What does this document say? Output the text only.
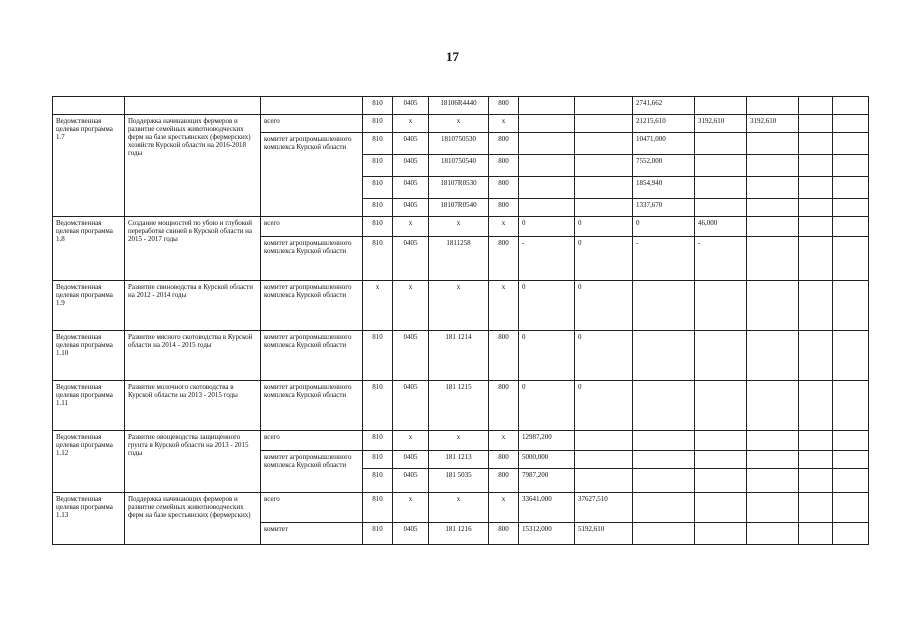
17
			810	0405	18106R4440	800			2741,662				
Ведомственная целевая программа 1.7	Поддержка начинающих фермеров и развитие семейных животноводческих ферм на базе крестьянских (фермерских) хозяйств Курской области на 2016-2018 годы	всего	810	х	х	х			21215,610	3192,610	3192,610		
		комитет агропромышленного комплекса Курской области	810	0405	1810750530	800			10471,000				
			810	0405	1810750540	800			7552,000				
			810	0405	18107R0530	800			1854,940				
			810	0405	18107R0540	800			1337,670				
Ведомственная целевая программа 1.8	Создание мощностей по убою и глубокой переработке свиней в Курской области на 2015 - 2017 годы	всего	810	х	х	х	0	0	0	46,000			
		комитет агропромышленного комплекса Курской области	810	0405	1811258	800	-	0	-	-			
Ведомственная целевая программа 1.9	Развитие свиноводства в Курской области на 2012 - 2014 годы	комитет агропромышленного комплекса Курской области	х	х	х	х	0	0					
Ведомственная целевая программа 1.10	Развитие мясного скотоводства в Курской области на 2014 - 2015 годы	комитет агропромышленного комплекса Курской области	810	0405	181 1214	800	0	0					
Ведомственная целевая программа 1.11	Развитие молочного скотоводства в Курской области на 2013 - 2015 годы	комитет агропромышленного комплекса Курской области	810	0405	181 1215	800	0	0					
Ведомственная целевая программа 1.12	Развитие овощеводства защищенного грунта в Курской области на 2013 - 2015 годы	всего	810	х	х	х	12987,200						
		комитет агропромышленного комплекса Курской области	810	0405	181 1213	800	5000,000						
			810	0405	181 5035	800	7987,200						
Ведомственная целевая программа 1.13	Поддержка начинающих фермеров и развитие семейных животноводческих ферм на базе крестьянских (фермерских)	всего	810	х	х	х	33641,000	37627,510					
		комитет	810	0405	181 1216	800	15312,000	5192,610					
